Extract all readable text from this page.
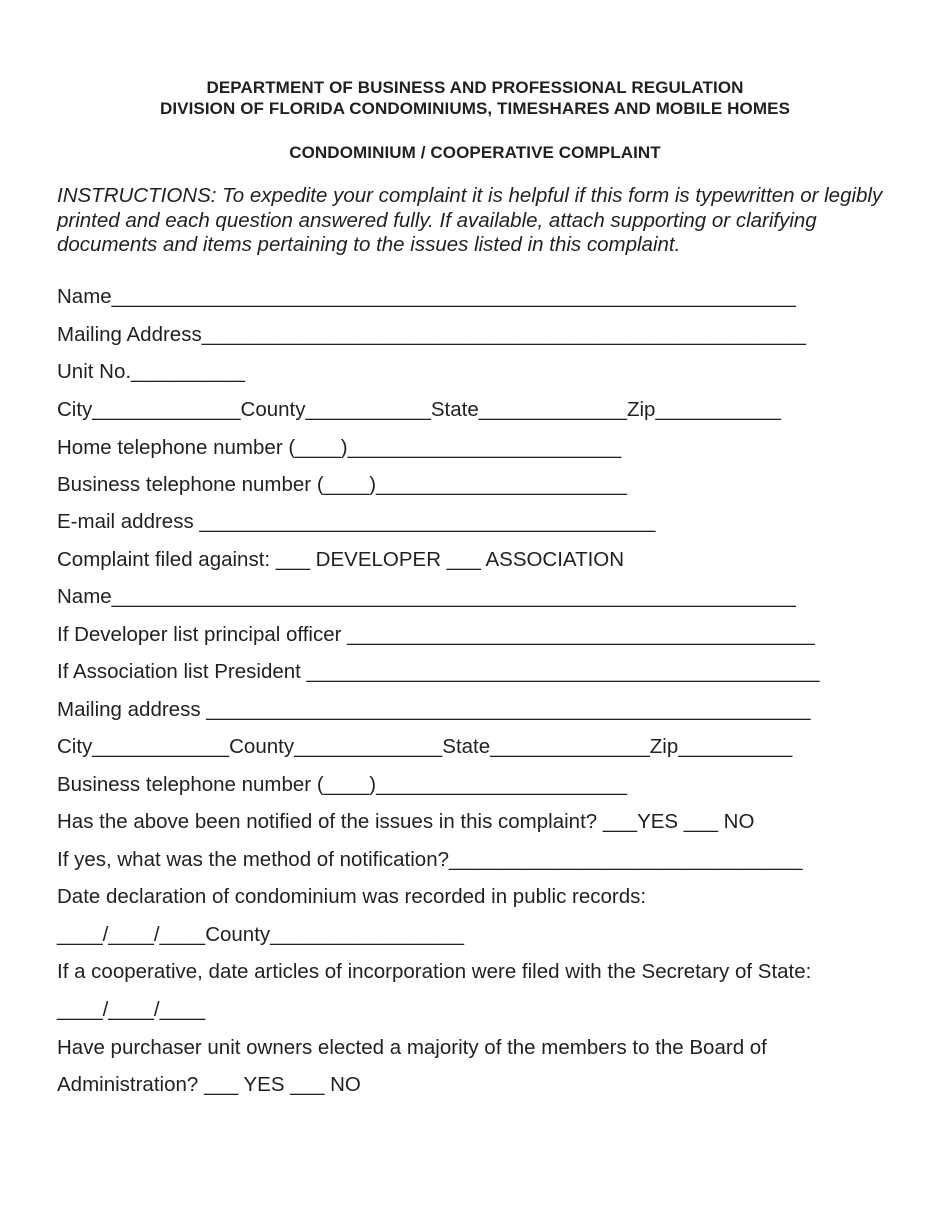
DEPARTMENT OF BUSINESS AND PROFESSIONAL REGULATION
DIVISION OF FLORIDA CONDOMINIUMS, TIMESHARES AND MOBILE HOMES
CONDOMINIUM / COOPERATIVE COMPLAINT
INSTRUCTIONS: To expedite your complaint it is helpful if this form is typewritten or legibly printed and each question answered fully. If available, attach supporting or clarifying documents and items pertaining to the issues listed in this complaint.
Name____________________________________________________________
Mailing Address_____________________________________________________
Unit No.__________
City_____________County___________State_____________Zip___________
Home telephone number (____)________________________
Business telephone number (____)______________________
E-mail address ________________________________________
Complaint filed against: ___ DEVELOPER ___ ASSOCIATION
Name____________________________________________________________
If Developer list principal officer _________________________________________
If Association list President _____________________________________________
Mailing address _____________________________________________________
City____________County_____________State______________Zip__________
Business telephone number (____)______________________
Has the above been notified of the issues in this complaint? ___YES ___ NO
If yes, what was the method of notification?_______________________________
Date declaration of condominium was recorded in public records:
____/____/____County_________________
If a cooperative, date articles of incorporation were filed with the Secretary of State:
____/____/____
Have purchaser unit owners elected a majority of the members to the Board of
Administration? ___ YES ___ NO
